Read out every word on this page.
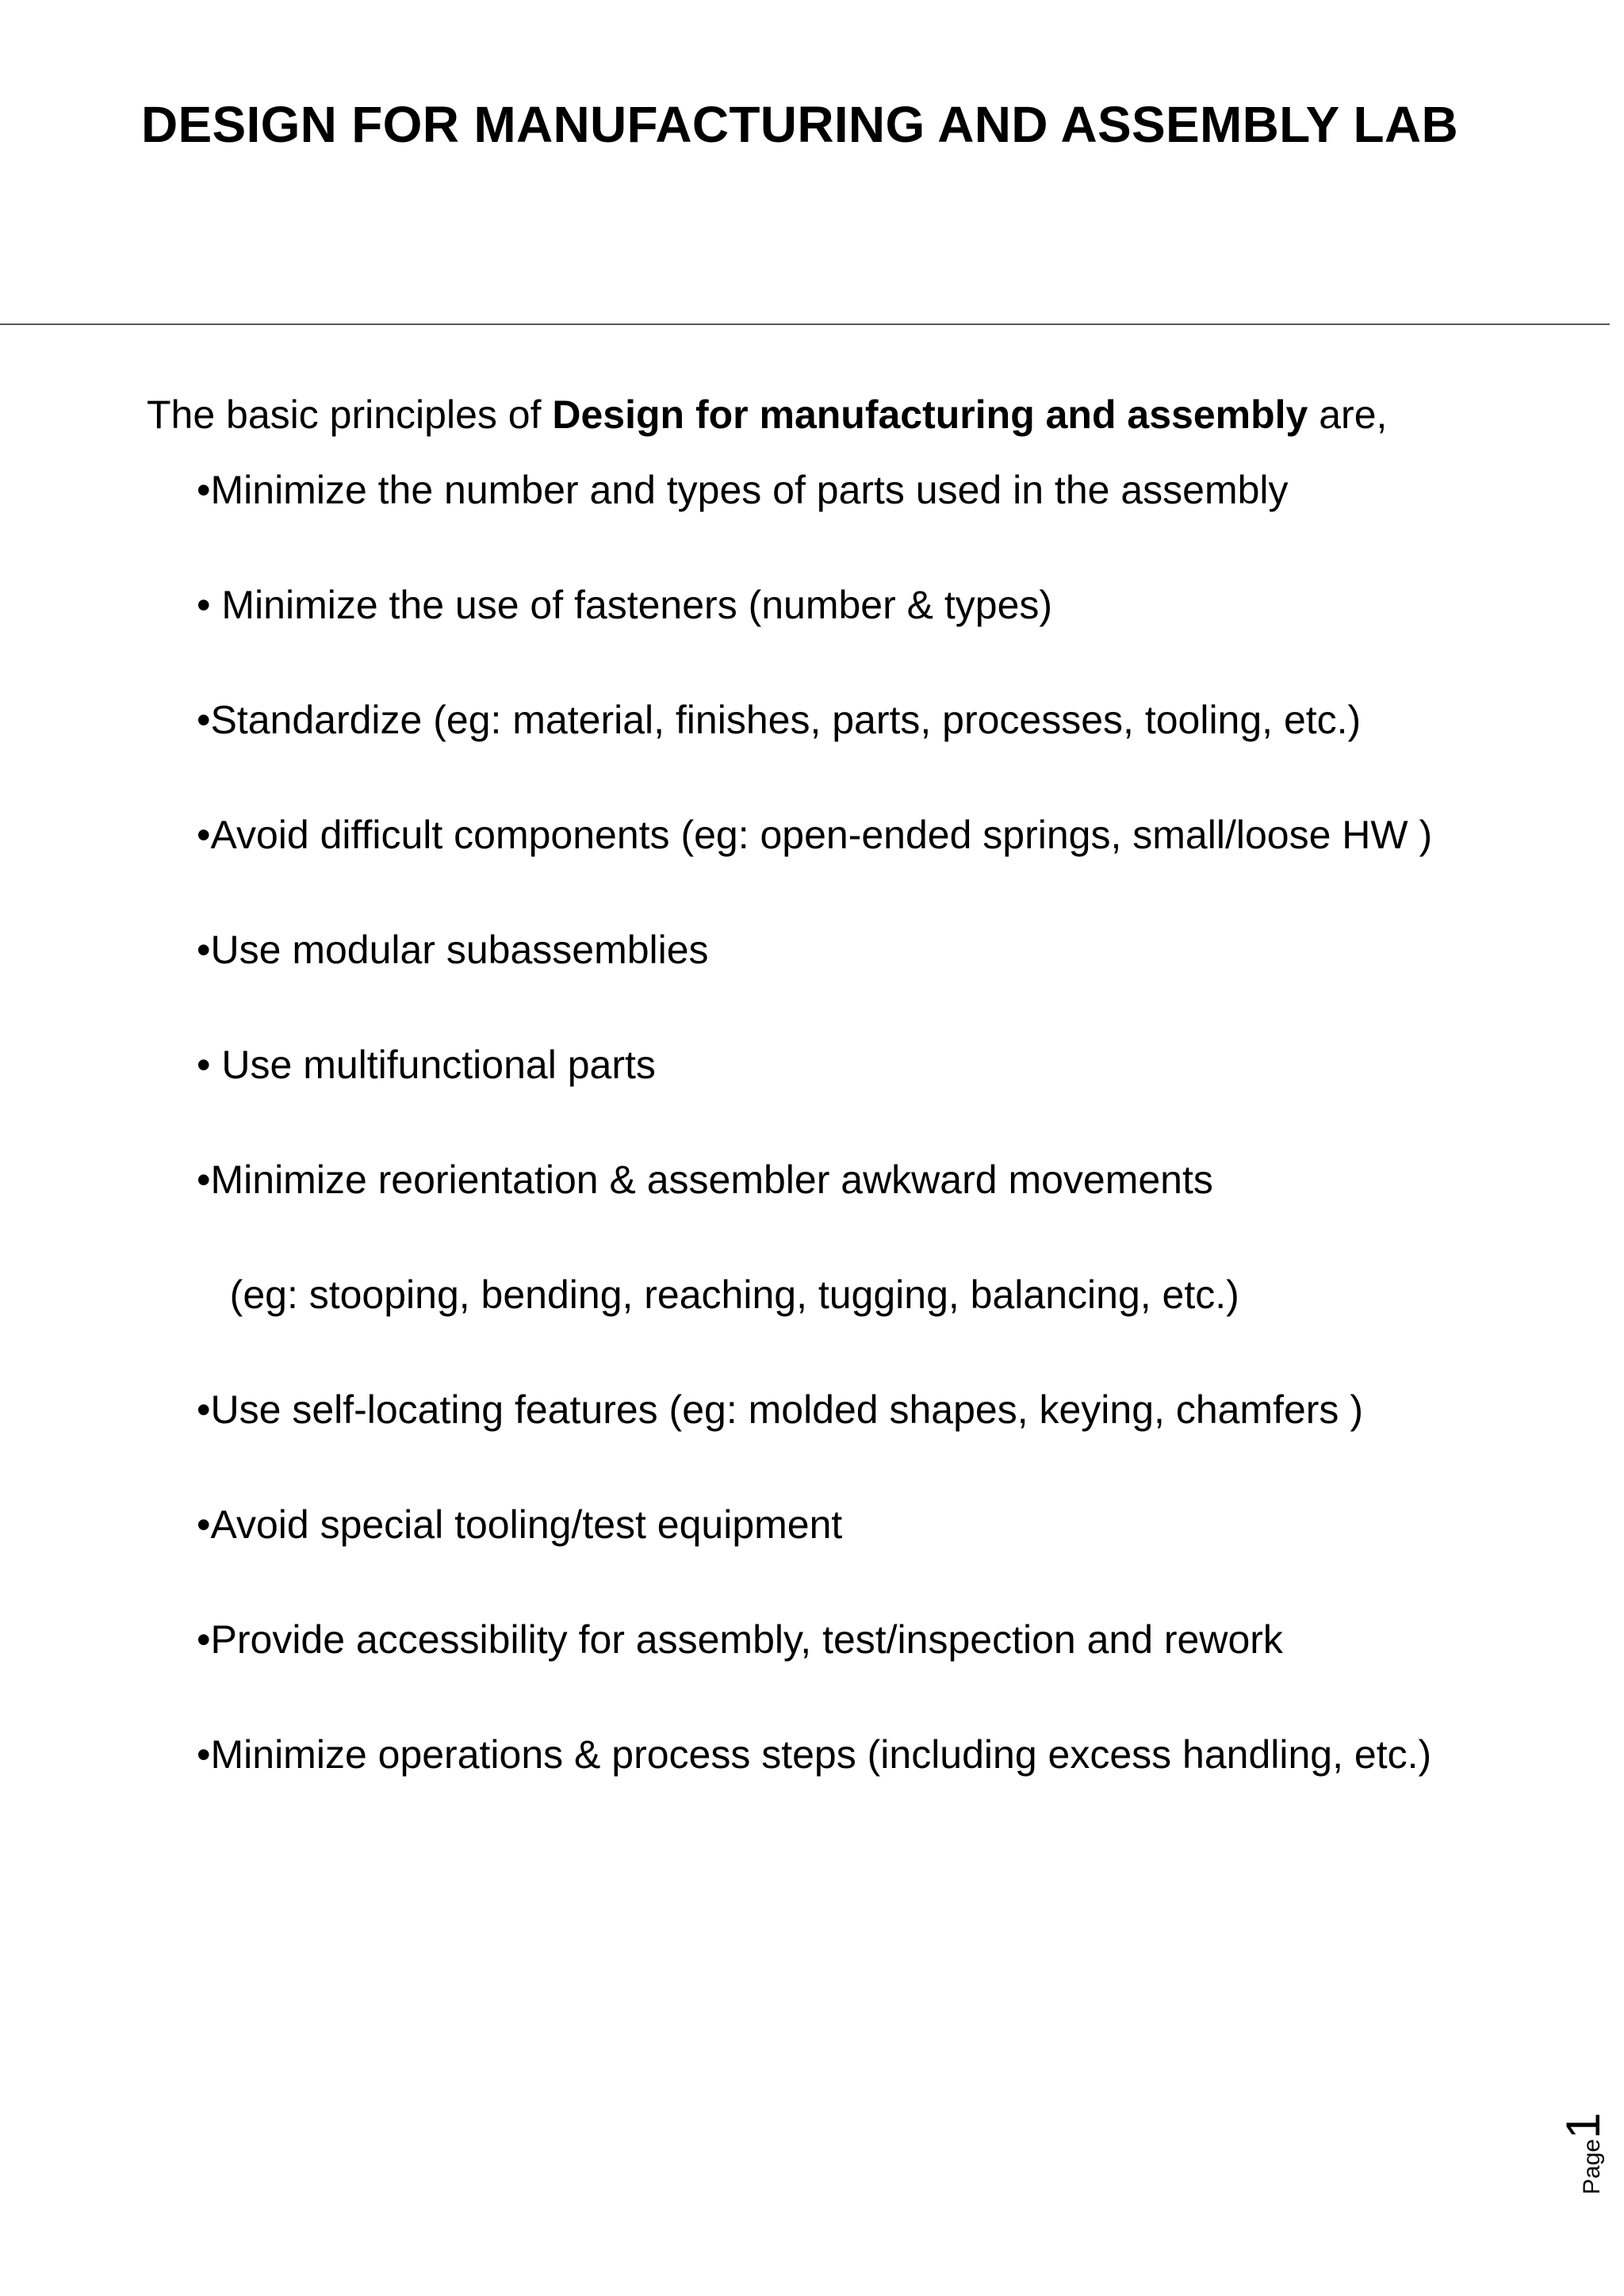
DESIGN FOR MANUFACTURING AND ASSEMBLY LAB

The basic principles of Design for manufacturing and assembly are,

•Minimize the number and types of parts used in the assembly
• Minimize the use of fasteners (number & types)
•Standardize (eg: material, finishes, parts, processes, tooling, etc.)
•Avoid difficult components (eg: open-ended springs, small/loose HW )
•Use modular subassemblies
• Use multifunctional parts
•Minimize reorientation & assembler awkward movements
(eg: stooping, bending, reaching, tugging, balancing, etc.)
•Use self-locating features (eg: molded shapes, keying, chamfers )
•Avoid special tooling/test equipment
•Provide accessibility for assembly, test/inspection and rework
•Minimize operations & process steps (including excess handling, etc.)
Page1
